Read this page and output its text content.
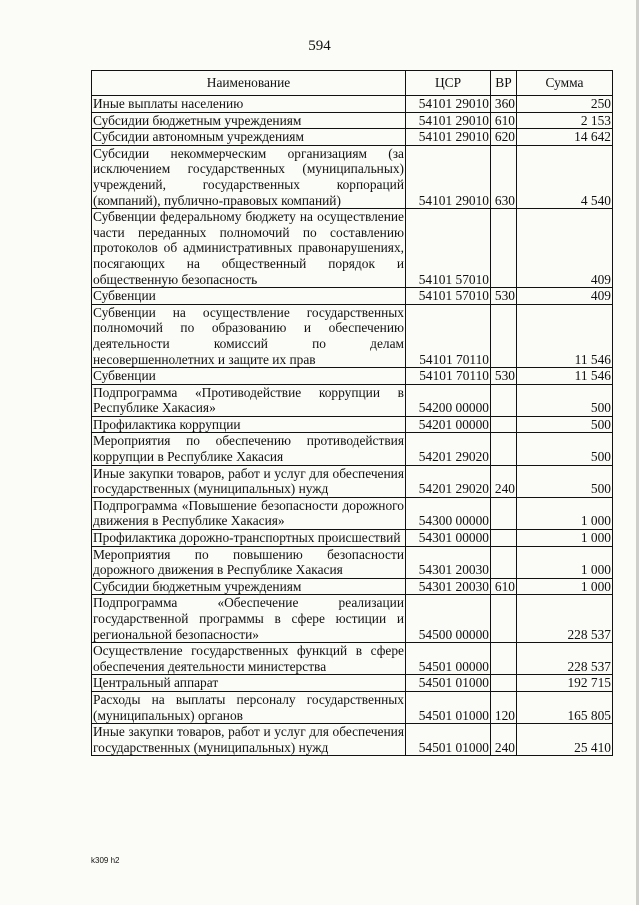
594
Наименование	ЦСР	ВР	Сумма
Иные выплаты населению	54101 29010	360	250
Субсидии бюджетным учреждениям	54101 29010	610	2 153
Субсидии автономным учреждениям	54101 29010	620	14 642
Субсидии некоммерческим организациям (за исключением государственных (муниципальных) учреждений, государственных корпораций (компаний), публично-правовых компаний)	54101 29010	630	4 540
Субвенции федеральному бюджету на осуществление части переданных полномочий по составлению протоколов об административных правонарушениях, посягающих на общественный порядок и общественную безопасность	54101 57010		409
Субвенции	54101 57010	530	409
Субвенции на осуществление государственных полномочий по образованию и обеспечению деятельности комиссий по делам несовершеннолетних и защите их прав	54101 70110		11 546
Субвенции	54101 70110	530	11 546
Подпрограмма «Противодействие коррупции в Республике Хакасия»	54200 00000		500
Профилактика коррупции	54201 00000		500
Мероприятия по обеспечению противодействия коррупции в Республике Хакасия	54201 29020		500
Иные закупки товаров, работ и услуг для обеспечения государственных (муниципальных) нужд	54201 29020	240	500
Подпрограмма «Повышение безопасности дорожного движения в Республике Хакасия»	54300 00000		1 000
Профилактика дорожно-транспортных происшествий	54301 00000		1 000
Мероприятия по повышению безопасности дорожного движения в Республике Хакасия	54301 20030		1 000
Субсидии бюджетным учреждениям	54301 20030	610	1 000
Подпрограмма «Обеспечение реализации государственной программы в сфере юстиции и региональной безопасности»	54500 00000		228 537
Осуществление государственных функций в сфере обеспечения деятельности министерства	54501 00000		228 537
Центральный аппарат	54501 01000		192 715
Расходы на выплаты персоналу государственных (муниципальных) органов	54501 01000	120	165 805
Иные закупки товаров, работ и услуг для обеспечения государственных (муниципальных) нужд	54501 01000	240	25 410
k309 h2
